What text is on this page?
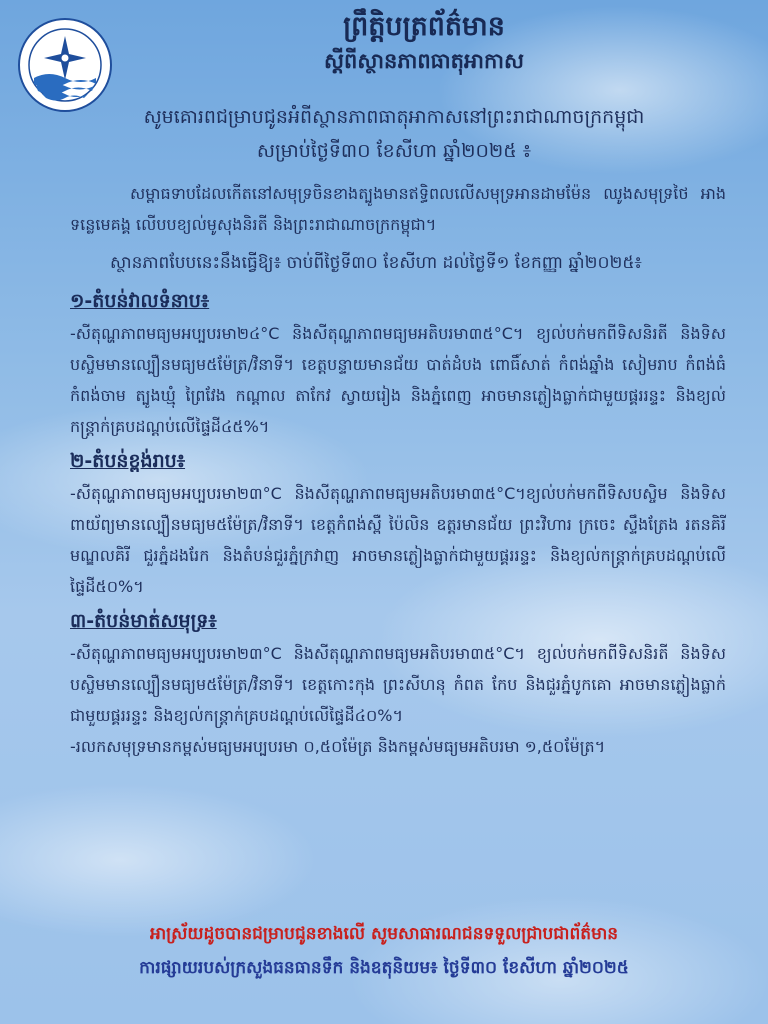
ព្រឹត្តិបត្រព័ត៌មាន
ស្តីពីស្ថានភាពធាតុអាកាស
សូមគោរពជម្រាបជូនអំពីស្ថានភាពធាតុអាកាសនៅព្រះរាជាណាចក្រកម្ពុជា
សម្រាប់ថ្ងៃទី៣០ ខែសីហា ឆ្នាំ២០២៥ ៖

សម្ពាធទាបដែលកើតនៅសមុទ្រចិនខាងត្បូងមានឥទ្ធិពលលើសមុទ្រអានដាមម៉ែន ឈូងសមុទ្រថៃ អាងទន្លេមេគង្គ លើបបខ្យល់មូសុងនិរតី និងព្រះរាជាណាចក្រកម្ពុជា។

ស្ថានភាពបែបនេះនឹងធ្វើឱ្យ៖ ចាប់ពីថ្ងៃទី៣០ ខែសីហា ដល់ថ្ងៃទី១ ខែកញ្ញា ឆ្នាំ២០២៥៖
១-តំបន់វាលទំនាប៖

-សីតុណ្ហភាពមធ្យមអប្បបរមា២៤°C និងសីតុណ្ហភាពមធ្យមអតិបរមា៣៥°C។ ខ្យល់បក់មកពីទិសនិរតី និងទិសបស្ចិមមានល្បឿនមធ្យម៥ម៉ែត្រ/វិនាទី។ ខេត្តបន្ទាយមានជ័យ បាត់ដំបង ពោធិ៍សាត់ កំពង់ឆ្នាំង សៀមរាប កំពង់ធំ កំពង់ចាម ត្បូងឃ្មុំ ព្រៃវែង កណ្តាល តាកែវ ស្វាយរៀង និងភ្នំពេញ អាចមានភ្លៀងធ្លាក់ជាមួយផ្គររន្ទះ និងខ្យល់កន្ត្រាក់គ្របដណ្តប់លើផ្ទៃដី៤៥%។

២-តំបន់ខ្ពង់រាប៖

-សីតុណ្ហភាពមធ្យមអប្បបរមា២៣°C និងសីតុណ្ហភាពមធ្យមអតិបរមា៣៥°C។ខ្យល់បក់មកពីទិសបស្ចិម និងទិសពាយ័ព្យមានល្បឿនមធ្យម៥ម៉ែត្រ/វិនាទី។ ខេត្តកំពង់ស្ពឺ ប៉ៃលិន ឧត្តរមានជ័យ ព្រះវិហារ ក្រចេះ ស្ទឹងត្រែង រតនគិរី មណ្ឌលគិរី ជួរភ្នំដងរែក និងតំបន់ជួរភ្នំក្រវាញ អាចមានភ្លៀងធ្លាក់ជាមួយផ្គររន្ទះ និងខ្យល់កន្ត្រាក់គ្របដណ្តប់លើផ្ទៃដី៥០%។

៣-តំបន់មាត់សមុទ្រ៖

-សីតុណ្ហភាពមធ្យមអប្បបរមា២៣°C និងសីតុណ្ហភាពមធ្យមអតិបរមា៣៥°C។ ខ្យល់បក់មកពីទិសនិរតី និងទិសបស្ចិមមានល្បឿនមធ្យម៥ម៉ែត្រ/វិនាទី។ ខេត្តកោះកុង ព្រះសីហនុ កំពត កែប និងជួរភ្នំបូកគោ អាចមានភ្លៀងធ្លាក់ជាមួយផ្គររន្ទះ និងខ្យល់កន្ត្រាក់គ្របដណ្តប់លើផ្ទៃដី៤០%។

-រលកសមុទ្រមានកម្ពស់មធ្យមអប្បបរមា ០,៥០ម៉ែត្រ និងកម្ពស់មធ្យមអតិបរមា ១,៥០ម៉ែត្រ។

អាស្រ័យដូចបានជម្រាបជូនខាងលើ សូមសាធារណជនទទួលជ្រាបជាព័ត៌មាន
ការផ្សាយរបស់ក្រសួងធនធានទឹក និងឧតុនិយម៖ ថ្ងៃទី៣០ ខែសីហា ឆ្នាំ២០២៥
